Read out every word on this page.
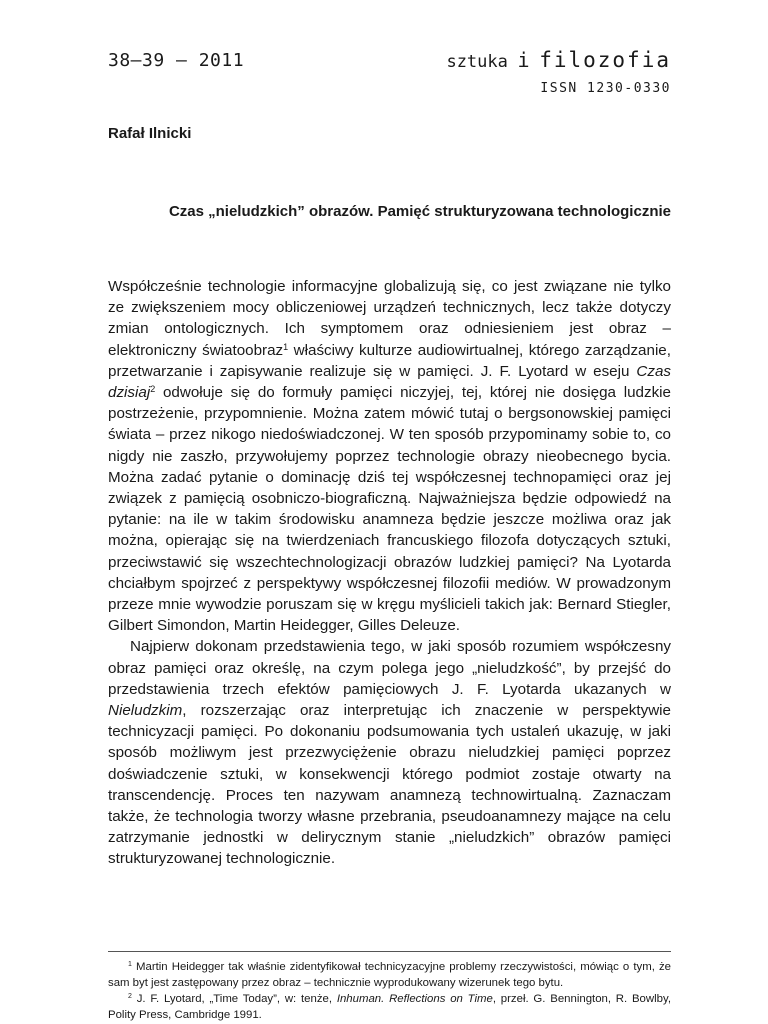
38–39 – 2011	sztuka i filozofia
ISSN 1230-0330
Rafał Ilnicki
Czas „nieludzkich” obrazów. Pamięć strukturyzowana technologicznie

Współcześnie technologie informacyjne globalizują się, co jest związane nie tylko ze zwiększeniem mocy obliczeniowej urządzeń technicznych, lecz także dotyczy zmian ontologicznych. Ich symptomem oraz odniesieniem jest obraz – elektroniczny światoobraz$^1$ właściwy kulturze audiowirtualnej, którego zarządzanie, przetwarzanie i zapisywanie realizuje się w pamięci. J. F. Lyotard w eseju Czas dzisiaj$^2$ odwołuje się do formuły pamięci niczyjej, tej, której nie dosięga ludzkie postrzeżenie, przypomnienie. Można zatem mówić tutaj o bergsonowskiej pamięci świata – przez nikogo niedoświadczonej. W ten sposób przypominamy sobie to, co nigdy nie zaszło, przywołujemy poprzez technologie obrazy nieobecnego bycia. Można zadać pytanie o dominację dziś tej współczesnej technopamięci oraz jej związek z pamięcią osobniczo-biograficzną. Najważniejsza będzie odpowiedź na pytanie: na ile w takim środowisku anamneza będzie jeszcze możliwa oraz jak można, opierając się na twierdzeniach francuskiego filozofa dotyczących sztuki, przeciwstawić się wszechtechnologizacji obrazów ludzkiej pamięci? Na Lyotarda chciałbym spojrzeć z perspektywy współczesnej filozofii mediów. W prowadzonym przeze mnie wywodzie poruszam się w kręgu myślicieli takich jak: Bernard Stiegler, Gilbert Simondon, Martin Heidegger, Gilles Deleuze.

Najpierw dokonam przedstawienia tego, w jaki sposób rozumiem współczesny obraz pamięci oraz określę, na czym polega jego „nieludzkość”, by przejść do przedstawienia trzech efektów pamięciowych J. F. Lyotarda ukazanych w Nieludzkim, rozszerzając oraz interpretując ich znaczenie w perspektywie technicyzacji pamięci. Po dokonaniu podsumowania tych ustaleń ukazuję, w jaki sposób możliwym jest przezwyciężenie obrazu nieludzkiej pamięci poprzez doświadczenie sztuki, w konsekwencji którego podmiot zostaje otwarty na transcendencję. Proces ten nazywam anamnezą technowirtualną. Zaznaczam także, że technologia tworzy własne przebrania, pseudoanamnezy mające na celu zatrzymanie jednostki w delirycznym stanie „nieludzkich” obrazów pamięci strukturyzowanej technologicznie.

$^1$ Martin Heidegger tak właśnie zidentyfikował technicyzacyjne problemy rzeczywistości, mówiąc o tym, że sam byt jest zastępowany przez obraz – technicznie wyprodukowany wizerunek tego bytu.

$^2$ J. F. Lyotard, „Time Today”, w: tenże, Inhuman. Reflections on Time, przeł. G. Bennington, R. Bowlby, Polity Press, Cambridge 1991.
